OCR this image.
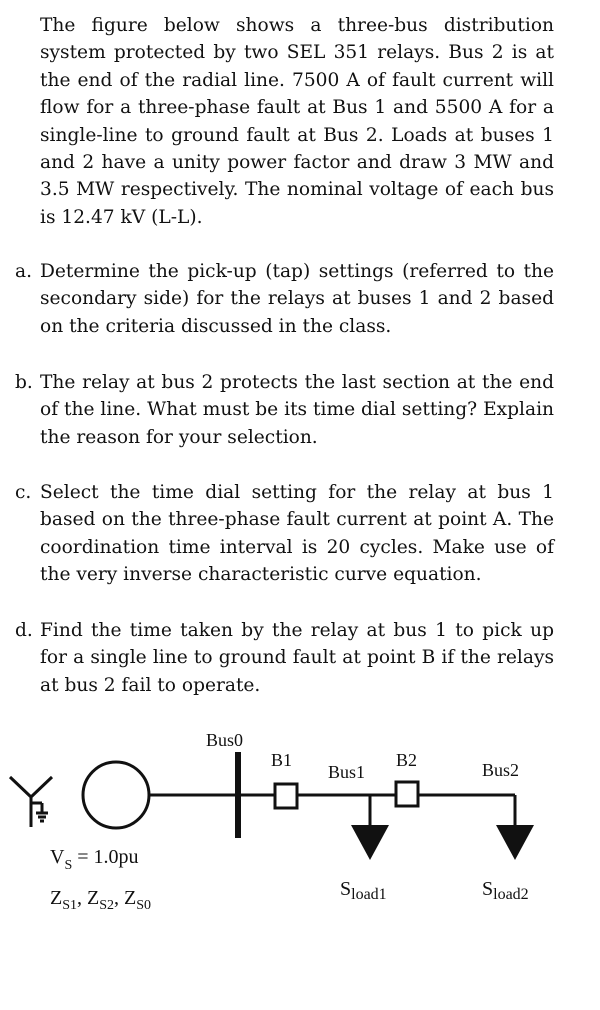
The figure below shows a three-bus distribution system protected by two SEL 351 relays. Bus 2 is at the end of the radial line. 7500 A of fault current will flow for a three-phase fault at Bus 1 and 5500 A for a single-line to ground fault at Bus 2. Loads at buses 1 and 2 have a unity power factor and draw 3 MW and 3.5 MW respectively. The nominal voltage of each bus is 12.47 kV (L-L).

a. Determine the pick-up (tap) settings (referred to the secondary side) for the relays at buses 1 and 2 based on the criteria discussed in the class.
b. The relay at bus 2 protects the last section at the end of the line. What must be its time dial setting? Explain the reason for your selection.
c. Select the time dial setting for the relay at bus 1 based on the three-phase fault current at point A. The coordination time interval is 20 cycles. Make use of the very inverse characteristic curve equation.
d. Find the time taken by the relay at bus 1 to pick up for a single line to ground fault at point B if the relays at bus 2 fail to operate.
Bus0
B1
Bus1
B2	Bus2
$V_S = 1.0pu$
$Z_{S1}$, $Z_{S2}$, $Z_{S0}$
$S_{load1}$	$S_{load2}$
